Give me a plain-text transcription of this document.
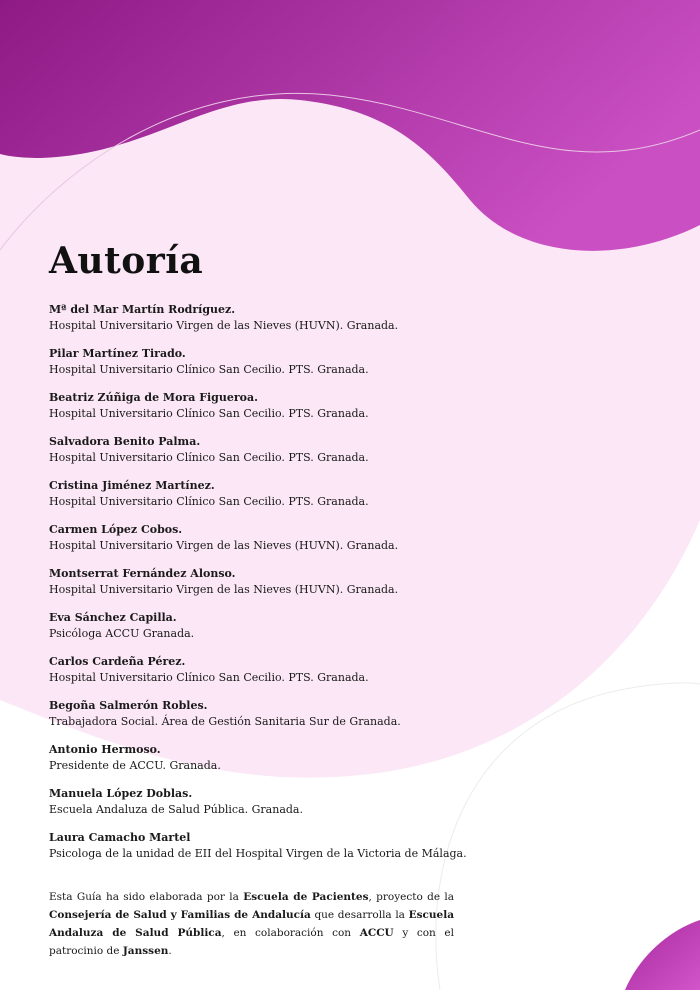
Autoría
Mª del Mar Martín Rodríguez.
Hospital Universitario Virgen de las Nieves (HUVN). Granada.
Pilar Martínez Tirado.
Hospital Universitario Clínico San Cecilio. PTS. Granada.
Beatriz Zúñiga de Mora Figueroa.
Hospital Universitario Clínico San Cecilio. PTS. Granada.
Salvadora Benito Palma.
Hospital Universitario Clínico San Cecilio. PTS. Granada.
Cristina Jiménez Martínez.
Hospital Universitario Clínico San Cecilio. PTS. Granada.
Carmen López Cobos.
Hospital Universitario Virgen de las Nieves (HUVN). Granada.
Montserrat Fernández Alonso.
Hospital Universitario Virgen de las Nieves (HUVN). Granada.
Eva Sánchez Capilla.
Psicóloga ACCU Granada.
Carlos Cardeña Pérez.
Hospital Universitario Clínico San Cecilio. PTS. Granada.
Begoña Salmerón Robles.
Trabajadora Social. Área de Gestión Sanitaria Sur de Granada.
Antonio Hermoso.
Presidente de ACCU. Granada.
Manuela López Doblas.
Escuela Andaluza de Salud Pública. Granada.
Laura Camacho Martel
Psicologa de la unidad de EII del Hospital Virgen de la Victoria de Málaga.

Esta Guía ha sido elaborada por la Escuela de Pacientes, proyecto de la Consejería de Salud y Familias de Andalucía que desarrolla la Escuela Andaluza de Salud Pública, en colaboración con ACCU y con el patrocinio de Janssen.
